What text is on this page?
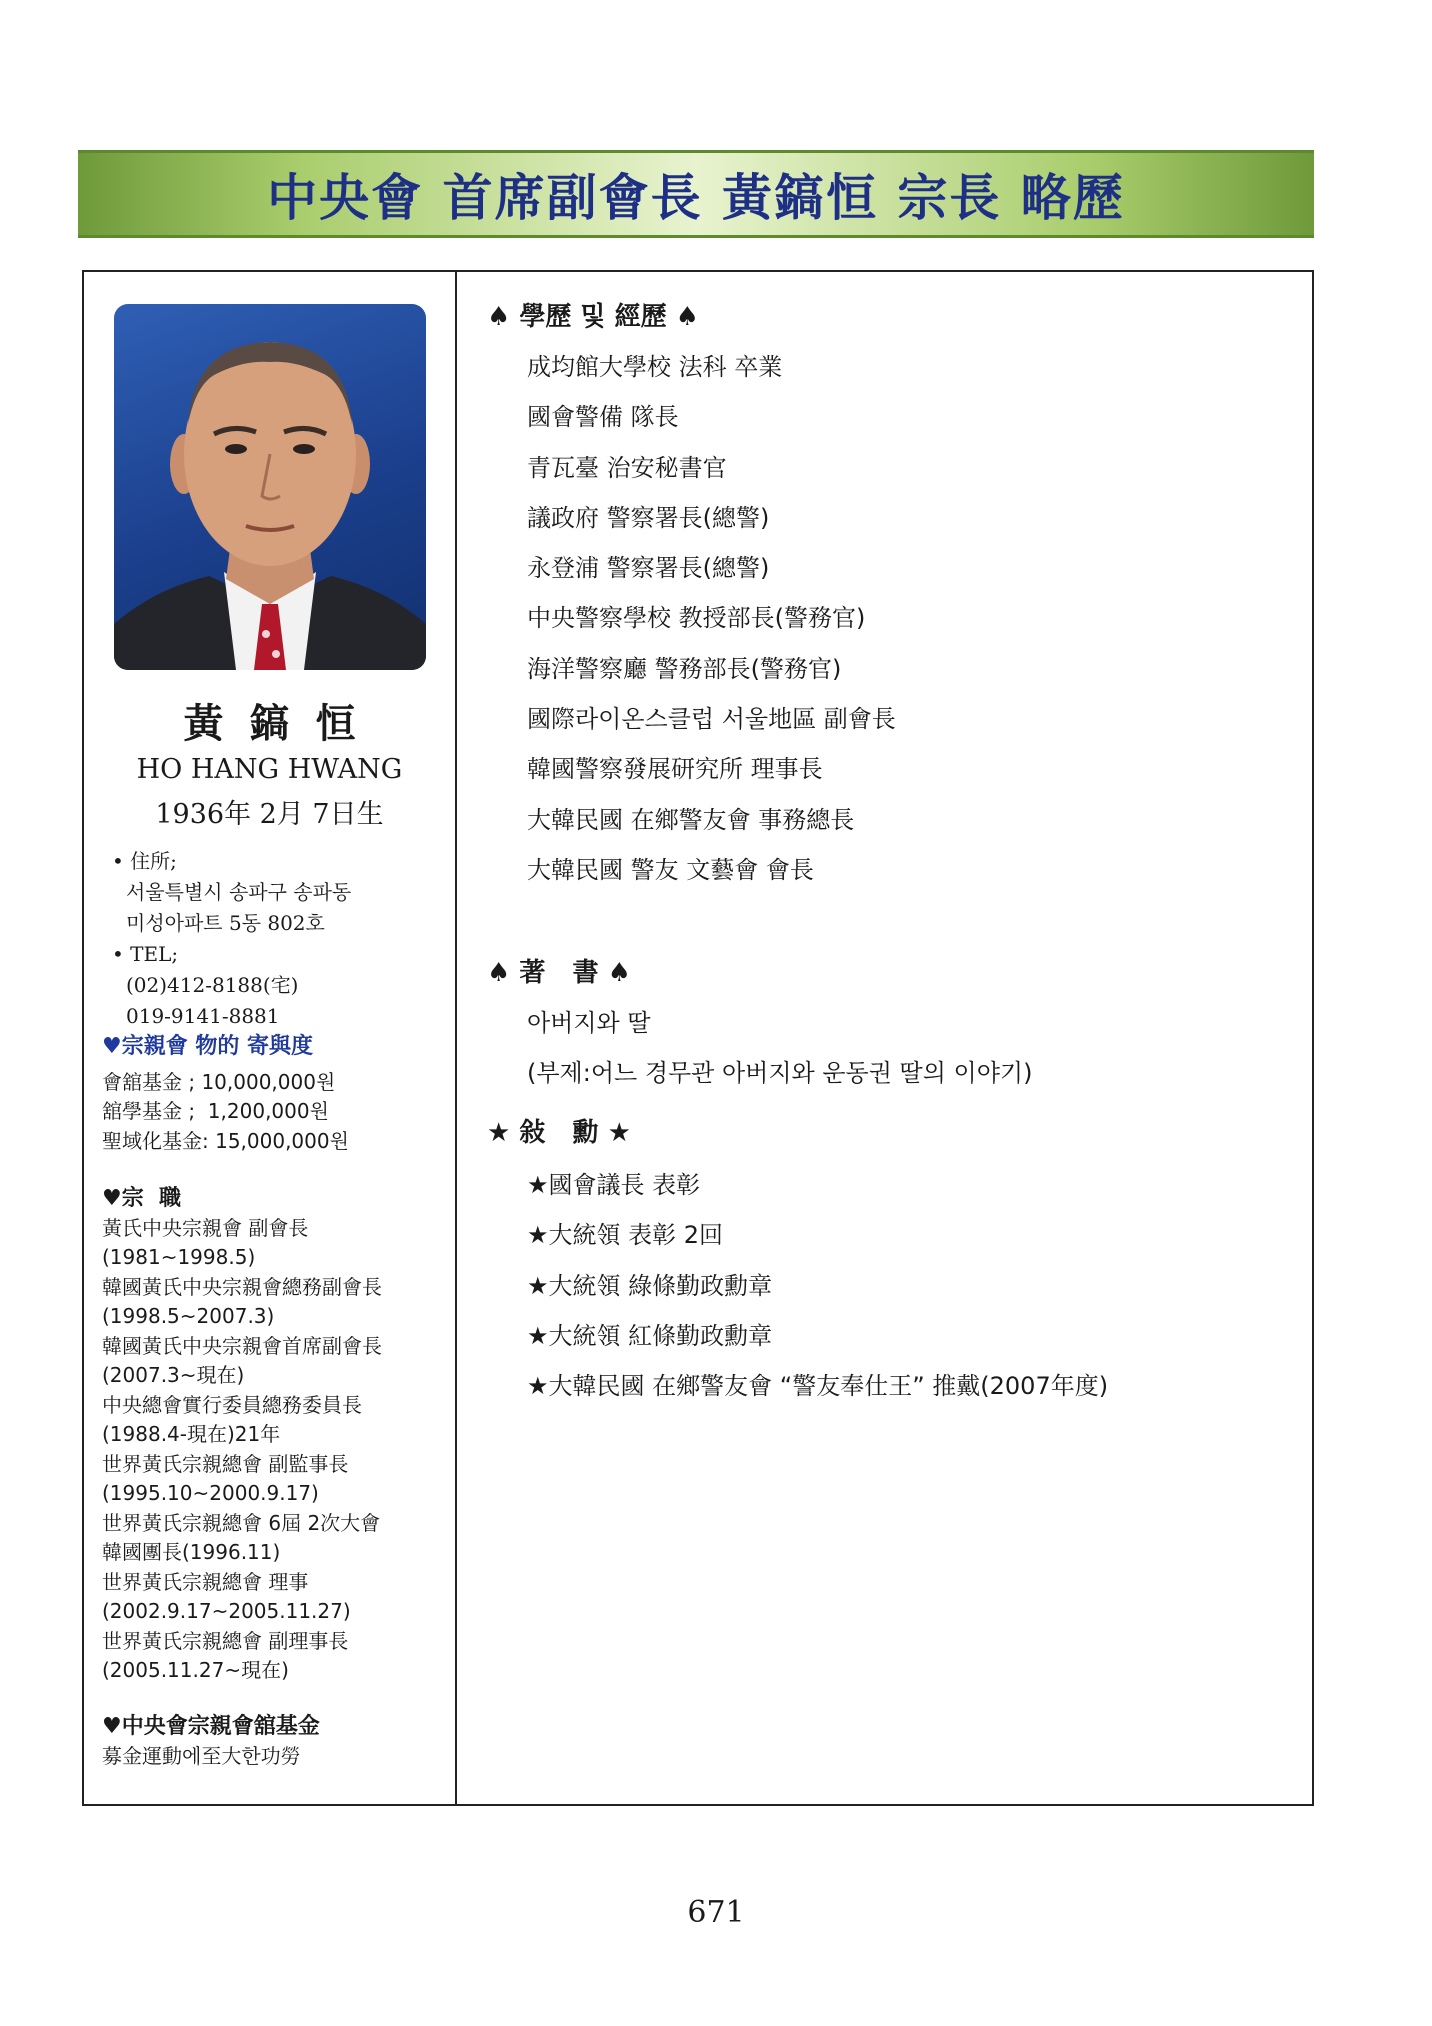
中央會 首席副會長 黃鎬恒 宗長 略歷
黃鎬恒
HO HANG HWANG
1936年 2月 7日生
• 住所;
서울특별시 송파구 송파동
미성아파트 5동 802호
• TEL;
(02)412-8188(宅)
019-9141-8881
♥宗親會 物的 寄與度
會舘基金 ; 10,000,000원
舘學基金 ;  1,200,000원
聖域化基金: 15,000,000원
♥宗  職
黃氏中央宗親會 副會長
(1981~1998.5)
韓國黃氏中央宗親會總務副會長
(1998.5~2007.3)
韓國黃氏中央宗親會首席副會長
(2007.3~現在)
中央總會實行委員總務委員長
(1988.4-現在)21年
世界黃氏宗親總會 副監事長
(1995.10~2000.9.17)
世界黃氏宗親總會 6屆 2次大會
韓國團長(1996.11)
世界黃氏宗親總會 理事
(2002.9.17~2005.11.27)
世界黃氏宗親總會 副理事長
(2005.11.27~現在)
♥中央會宗親會舘基金
募金運動에至大한功勞
♠ 學歷 및 經歷 ♠
成均館大學校 法科 卒業
國會警備 隊長
青瓦臺 治安秘書官
議政府 警察署長(總警)
永登浦 警察署長(總警)
中央警察學校 教授部長(警務官)
海洋警察廳 警務部長(警務官)
國際라이온스클럽 서울地區 副會長
韓國警察發展研究所 理事長
大韓民國 在鄉警友會 事務總長
大韓民國 警友 文藝會 會長
♠ 著   書 ♠
아버지와 딸
(부제:어느 경무관 아버지와 운동권 딸의 이야기)
★ 敍   勳 ★
★國會議長 表彰
★大統領 表彰 2回
★大統領 綠條勤政勳章
★大統領 紅條勤政勳章
★大韓民國 在鄉警友會 “警友奉仕王” 推戴(2007年度)
671
